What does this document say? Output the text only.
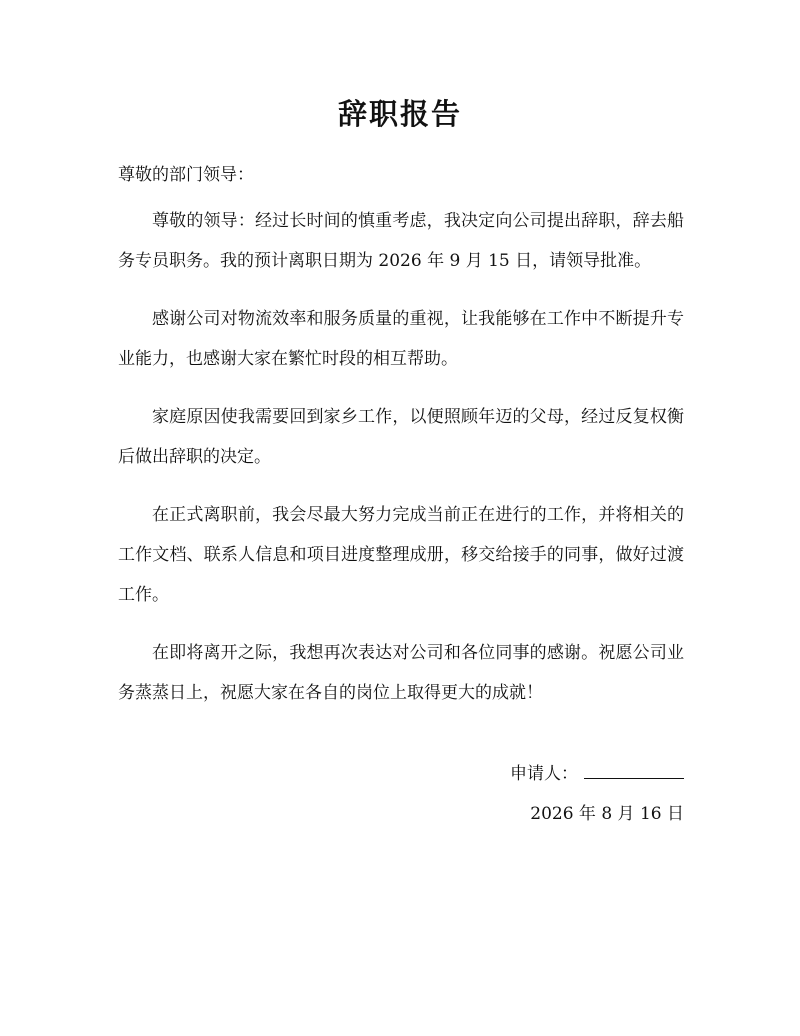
辞职报告
尊敬的部门领导：

尊敬的领导：经过长时间的慎重考虑，我决定向公司提出辞职，辞去船务专员职务。我的预计离职日期为 2026 年 9 月 15 日，请领导批准。

感谢公司对物流效率和服务质量的重视，让我能够在工作中不断提升专业能力，也感谢大家在繁忙时段的相互帮助。

家庭原因使我需要回到家乡工作，以便照顾年迈的父母，经过反复权衡后做出辞职的决定。

在正式离职前，我会尽最大努力完成当前正在进行的工作，并将相关的工作文档、联系人信息和项目进度整理成册，移交给接手的同事，做好过渡工作。

在即将离开之际，我想再次表达对公司和各位同事的感谢。祝愿公司业务蒸蒸日上，祝愿大家在各自的岗位上取得更大的成就！

申请人：
2026 年 8 月 16 日
